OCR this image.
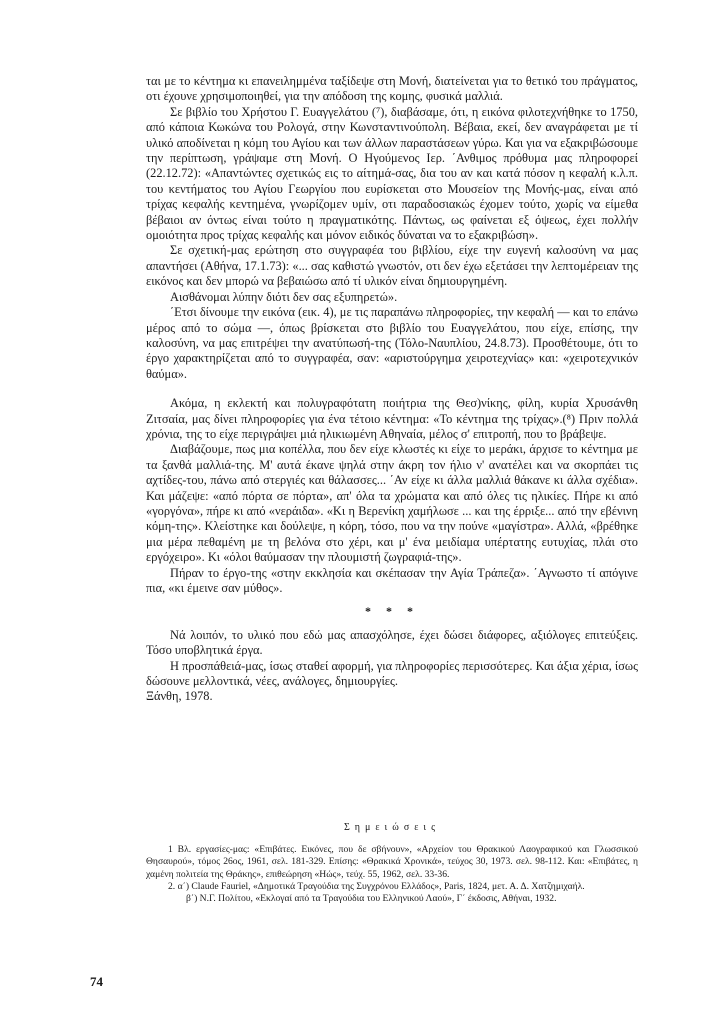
ται με το κέντημα κι επανειλημμένα ταξίδεψε στη Μονή, διατείνεται για το θετικό του πράγματος, οτι έχουνε χρησιμοποιηθεί, για την απόδοση της κομης, φυσικά μαλλιά.

Σε βιβλίο του Χρήστου Γ. Ευαγγελάτου (⁷), διαβάσαμε, ότι, η εικόνα φιλοτεχνήθηκε το 1750, από κάποια Κωκώνα του Ρολογά, στην Κωνσταντινούπολη. Βέβαια, εκεί, δεν αναγράφεται με τί υλικό αποδίνεται η κόμη του Αγίου και των άλλων παραστάσεων γύρω. Και για να εξακριβώσουμε την περίπτωση, γράψαμε στη Μονή. Ο Ηγούμενος Ιερ. ΄Ανθιμος πρόθυμα μας πληροφορεί (22.12.72): «Απαντώντες σχετικώς εις το αίτημά-σας, δια του αν και κατά πόσον η κεφαλή κ.λ.π. του κεντήματος του Αγίου Γεωργίου που ευρίσκεται στο Μουσείον της Μονής-μας, είναι από τρίχας κεφαλής κεντημένα, γνωρίζομεν υμίν, οτι παραδοσιακώς έχομεν τούτο, χωρίς να είμεθα βέβαιοι αν όντως είναι τούτο η πραγματικότης. Πάντως, ως φαίνεται εξ όψεως, έχει πολλήν ομοιότητα προς τρίχας κεφαλής και μόνον ειδικός δύναται να το εξακριβώση».

Σε σχετική-μας ερώτηση στο συγγραφέα του βιβλίου, είχε την ευγενή καλοσύνη να μας απαντήσει (Αθήνα, 17.1.73): «... σας καθιστώ γνωστόν, οτι δεν έχω εξετάσει την λεπτομέρειαν της εικόνος και δεν μπορώ να βεβαιώσω από τί υλικόν είναι δημιουργημένη.

Αισθάνομαι λύπην διότι δεν σας εξυπηρετώ».

΄Ετσι δίνουμε την εικόνα (εικ. 4), με τις παραπάνω πληροφορίες, την κεφαλή — και το επάνω μέρος από το σώμα —, όπως βρίσκεται στο βιβλίο του Ευαγγελάτου, που είχε, επίσης, την καλοσύνη, να μας επιτρέψει την ανατύπωσή-της (Τόλο-Ναυπλίου, 24.8.73). Προσθέτουμε, ότι το έργο χαρακτηρίζεται από το συγγραφέα, σαν: «αριστούργημα χειροτεχνίας» και: «χειροτεχνικόν θαύμα».

Ακόμα, η εκλεκτή και πολυγραφότατη ποιήτρια της Θεσ)νίκης, φίλη, κυρία Χρυσάνθη Ζιτσαία, μας δίνει πληροφορίες για ένα τέτοιο κέντημα: «Το κέντημα της τρίχας».(⁸) Πριν πολλά χρόνια, της το είχε περιγράψει μιά ηλικιωμένη Αθηναία, μέλος σ' επιτροπή, που το βράβεψε.

Διαβάζουμε, πως μια κοπέλλα, που δεν είχε κλωστές κι είχε το μεράκι, άρχισε το κέντημα με τα ξανθά μαλλιά-της. Μ' αυτά έκανε ψηλά στην άκρη τον ήλιο ν' ανατέλει και να σκορπάει τις αχτίδες-του, πάνω από στεργιές και θάλασσες... ΄Αν είχε κι άλλα μαλλιά θάκανε κι άλλα σχέδια». Και μάζεψε: «από πόρτα σε πόρτα», απ' όλα τα χρώματα και από όλες τις ηλικίες. Πήρε κι από «γοργόνα», πήρε κι από «νεράιδα». «Κι η Βερενίκη χαμήλωσε ... και της έρριξε... από την εβένινη κόμη-της». Κλείστηκε και δούλεψε, η κόρη, τόσο, που να την πούνε «μαγίστρα». Αλλά, «βρέθηκε μια μέρα πεθαμένη με τη βελόνα στο χέρι, και μ' ένα μειδίαμα υπέρτατης ευτυχίας, πλάι στο εργόχειρο». Κι «όλοι θαύμασαν την πλουμιστή ζωγραφιά-της».

Πήραν το έργο-της «στην εκκλησία και σκέπασαν την Αγία Τράπεζα». ΄Αγνωστο τί απόγινε πια, «κι έμεινε σαν μύθος».

* * *

Νά λοιπόν, το υλικό που εδώ μας απασχόλησε, έχει δώσει διάφορες, αξιόλογες επιτεύξεις. Τόσο υποβλητικά έργα.

Η προσπάθειά-μας, ίσως σταθεί αφορμή, για πληροφορίες περισσότερες. Και άξια χέρια, ίσως δώσουνε μελλοντικά, νέες, ανάλογες, δημιουργίες.

Ξάνθη, 1978.

Σημειώσεις

1 Βλ. εργασίες-μας: «Επιβάτες. Εικόνες, που δε σβήνουν», «Αρχείον του Θρακικού Λαογραφικού και Γλωσσικού Θησαυρού», τόμος 26ος, 1961, σελ. 181-329. Επίσης: «Θρακικά Χρονικά», τεύχος 30, 1973. σελ. 98-112. Και: «Επιβάτες, η χαμένη πολιτεία της Θράκης», επιθεώρηση «Ηώς», τεύχ. 55, 1962, σελ. 33-36.

2. α΄) Claude Fauriel, «Δημοτικά Τραγούδια της Συγχρόνου Ελλάδος», Paris, 1824, μετ. Α. Δ. Χατζημιχαήλ.

β΄) Ν.Γ. Πολίτου, «Εκλογαί από τα Τραγούδια του Ελληνικού Λαού», Γ΄ έκδοσις, Αθήναι, 1932.

74
